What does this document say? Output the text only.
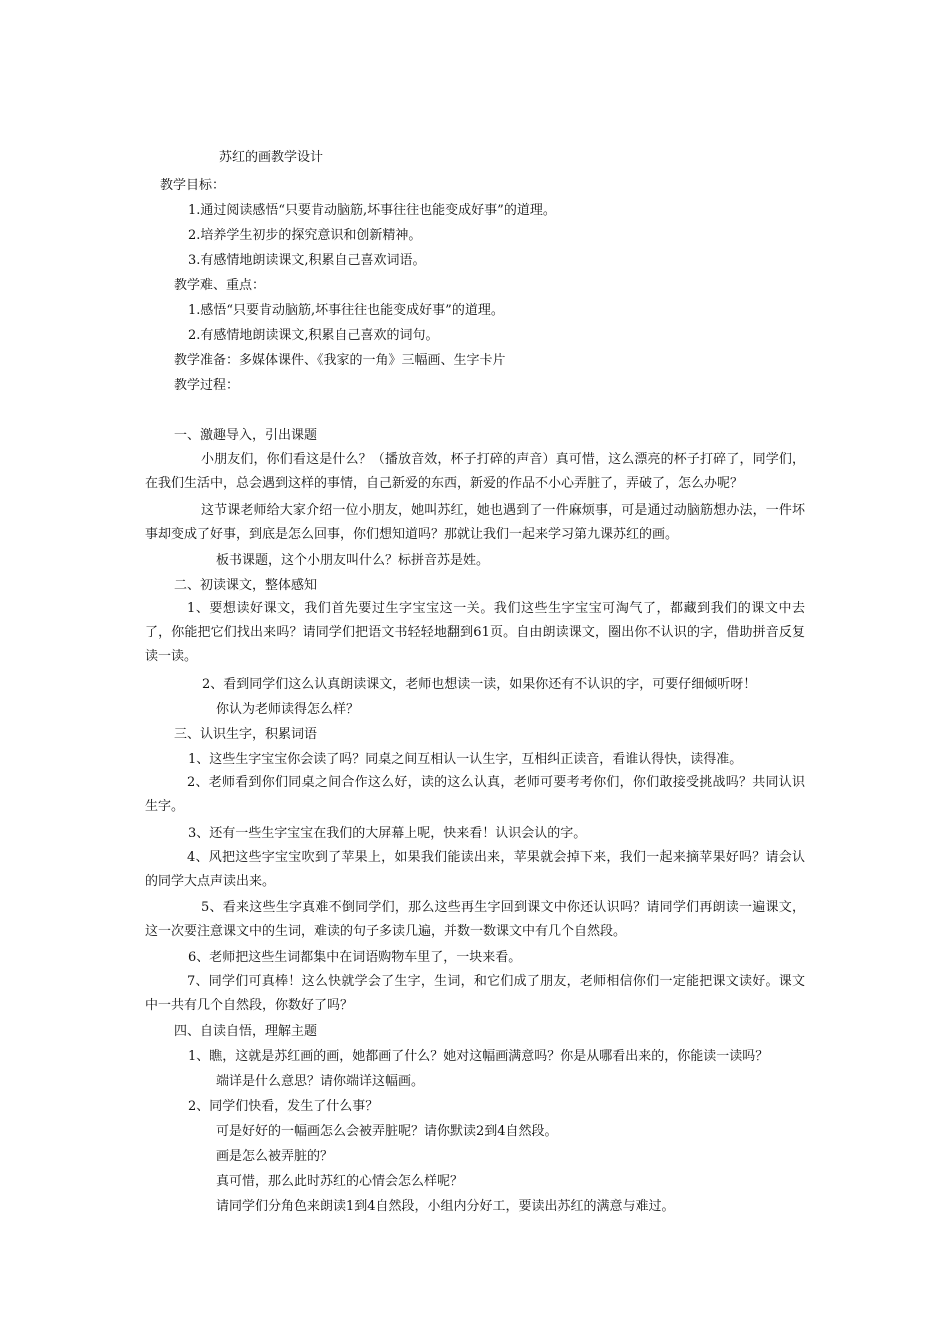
苏红的画教学设计
教学目标：
1.通过阅读感悟“只要肯动脑筋,坏事往往也能变成好事”的道理。
2.培养学生初步的探究意识和创新精神。
3.有感情地朗读课文,积累自己喜欢词语。
教学难、重点：
1.感悟“只要肯动脑筋,坏事往往也能变成好事”的道理。
2.有感情地朗读课文,积累自己喜欢的词句。
教学准备：多媒体课件、《我家的一角》三幅画、生字卡片
教学过程：
一、激趣导入，引出课题
小朋友们，你们看这是什么？（播放音效，杯子打碎的声音）真可惜，这么漂亮的杯子打碎了，同学们，在我们生活中，总会遇到这样的事情，自己新爱的东西，新爱的作品不小心弄脏了，弄破了，怎么办呢？
这节课老师给大家介绍一位小朋友，她叫苏红，她也遇到了一件麻烦事，可是通过动脑筋想办法，一件坏事却变成了好事，到底是怎么回事，你们想知道吗？那就让我们一起来学习第九课苏红的画。
板书课题，这个小朋友叫什么？标拼音苏是姓。
二、初读课文，整体感知
1、要想读好课文，我们首先要过生字宝宝这一关。我们这些生字宝宝可淘气了，都藏到我们的课文中去了，你能把它们找出来吗？请同学们把语文书轻轻地翻到61页。自由朗读课文，圈出你不认识的字，借助拼音反复读一读。
2、看到同学们这么认真朗读课文，老师也想读一读，如果你还有不认识的字，可要仔细倾听呀！
你认为老师读得怎么样？
三、认识生字，积累词语
1、这些生字宝宝你会读了吗？同桌之间互相认一认生字，互相纠正读音，看谁认得快，读得准。
2、老师看到你们同桌之间合作这么好，读的这么认真，老师可要考考你们，你们敢接受挑战吗？共同认识生字。
3、还有一些生字宝宝在我们的大屏幕上呢，快来看！认识会认的字。
4、风把这些字宝宝吹到了苹果上，如果我们能读出来，苹果就会掉下来，我们一起来摘苹果好吗？请会认的同学大点声读出来。
5、看来这些生字真难不倒同学们，那么这些再生字回到课文中你还认识吗？请同学们再朗读一遍课文，这一次要注意课文中的生词，难读的句子多读几遍，并数一数课文中有几个自然段。
6、老师把这些生词都集中在词语购物车里了，一块来看。
7、同学们可真棒！这么快就学会了生字，生词，和它们成了朋友，老师相信你们一定能把课文读好。课文中一共有几个自然段，你数好了吗？
四、自读自悟，理解主题
1、瞧，这就是苏红画的画，她都画了什么？她对这幅画满意吗？你是从哪看出来的，你能读一读吗？
端详是什么意思？请你端详这幅画。
2、同学们快看，发生了什么事？
可是好好的一幅画怎么会被弄脏呢？请你默读2到4自然段。
画是怎么被弄脏的？
真可惜，那么此时苏红的心情会怎么样呢？
请同学们分角色来朗读1到4自然段，小组内分好工，要读出苏红的满意与难过。
